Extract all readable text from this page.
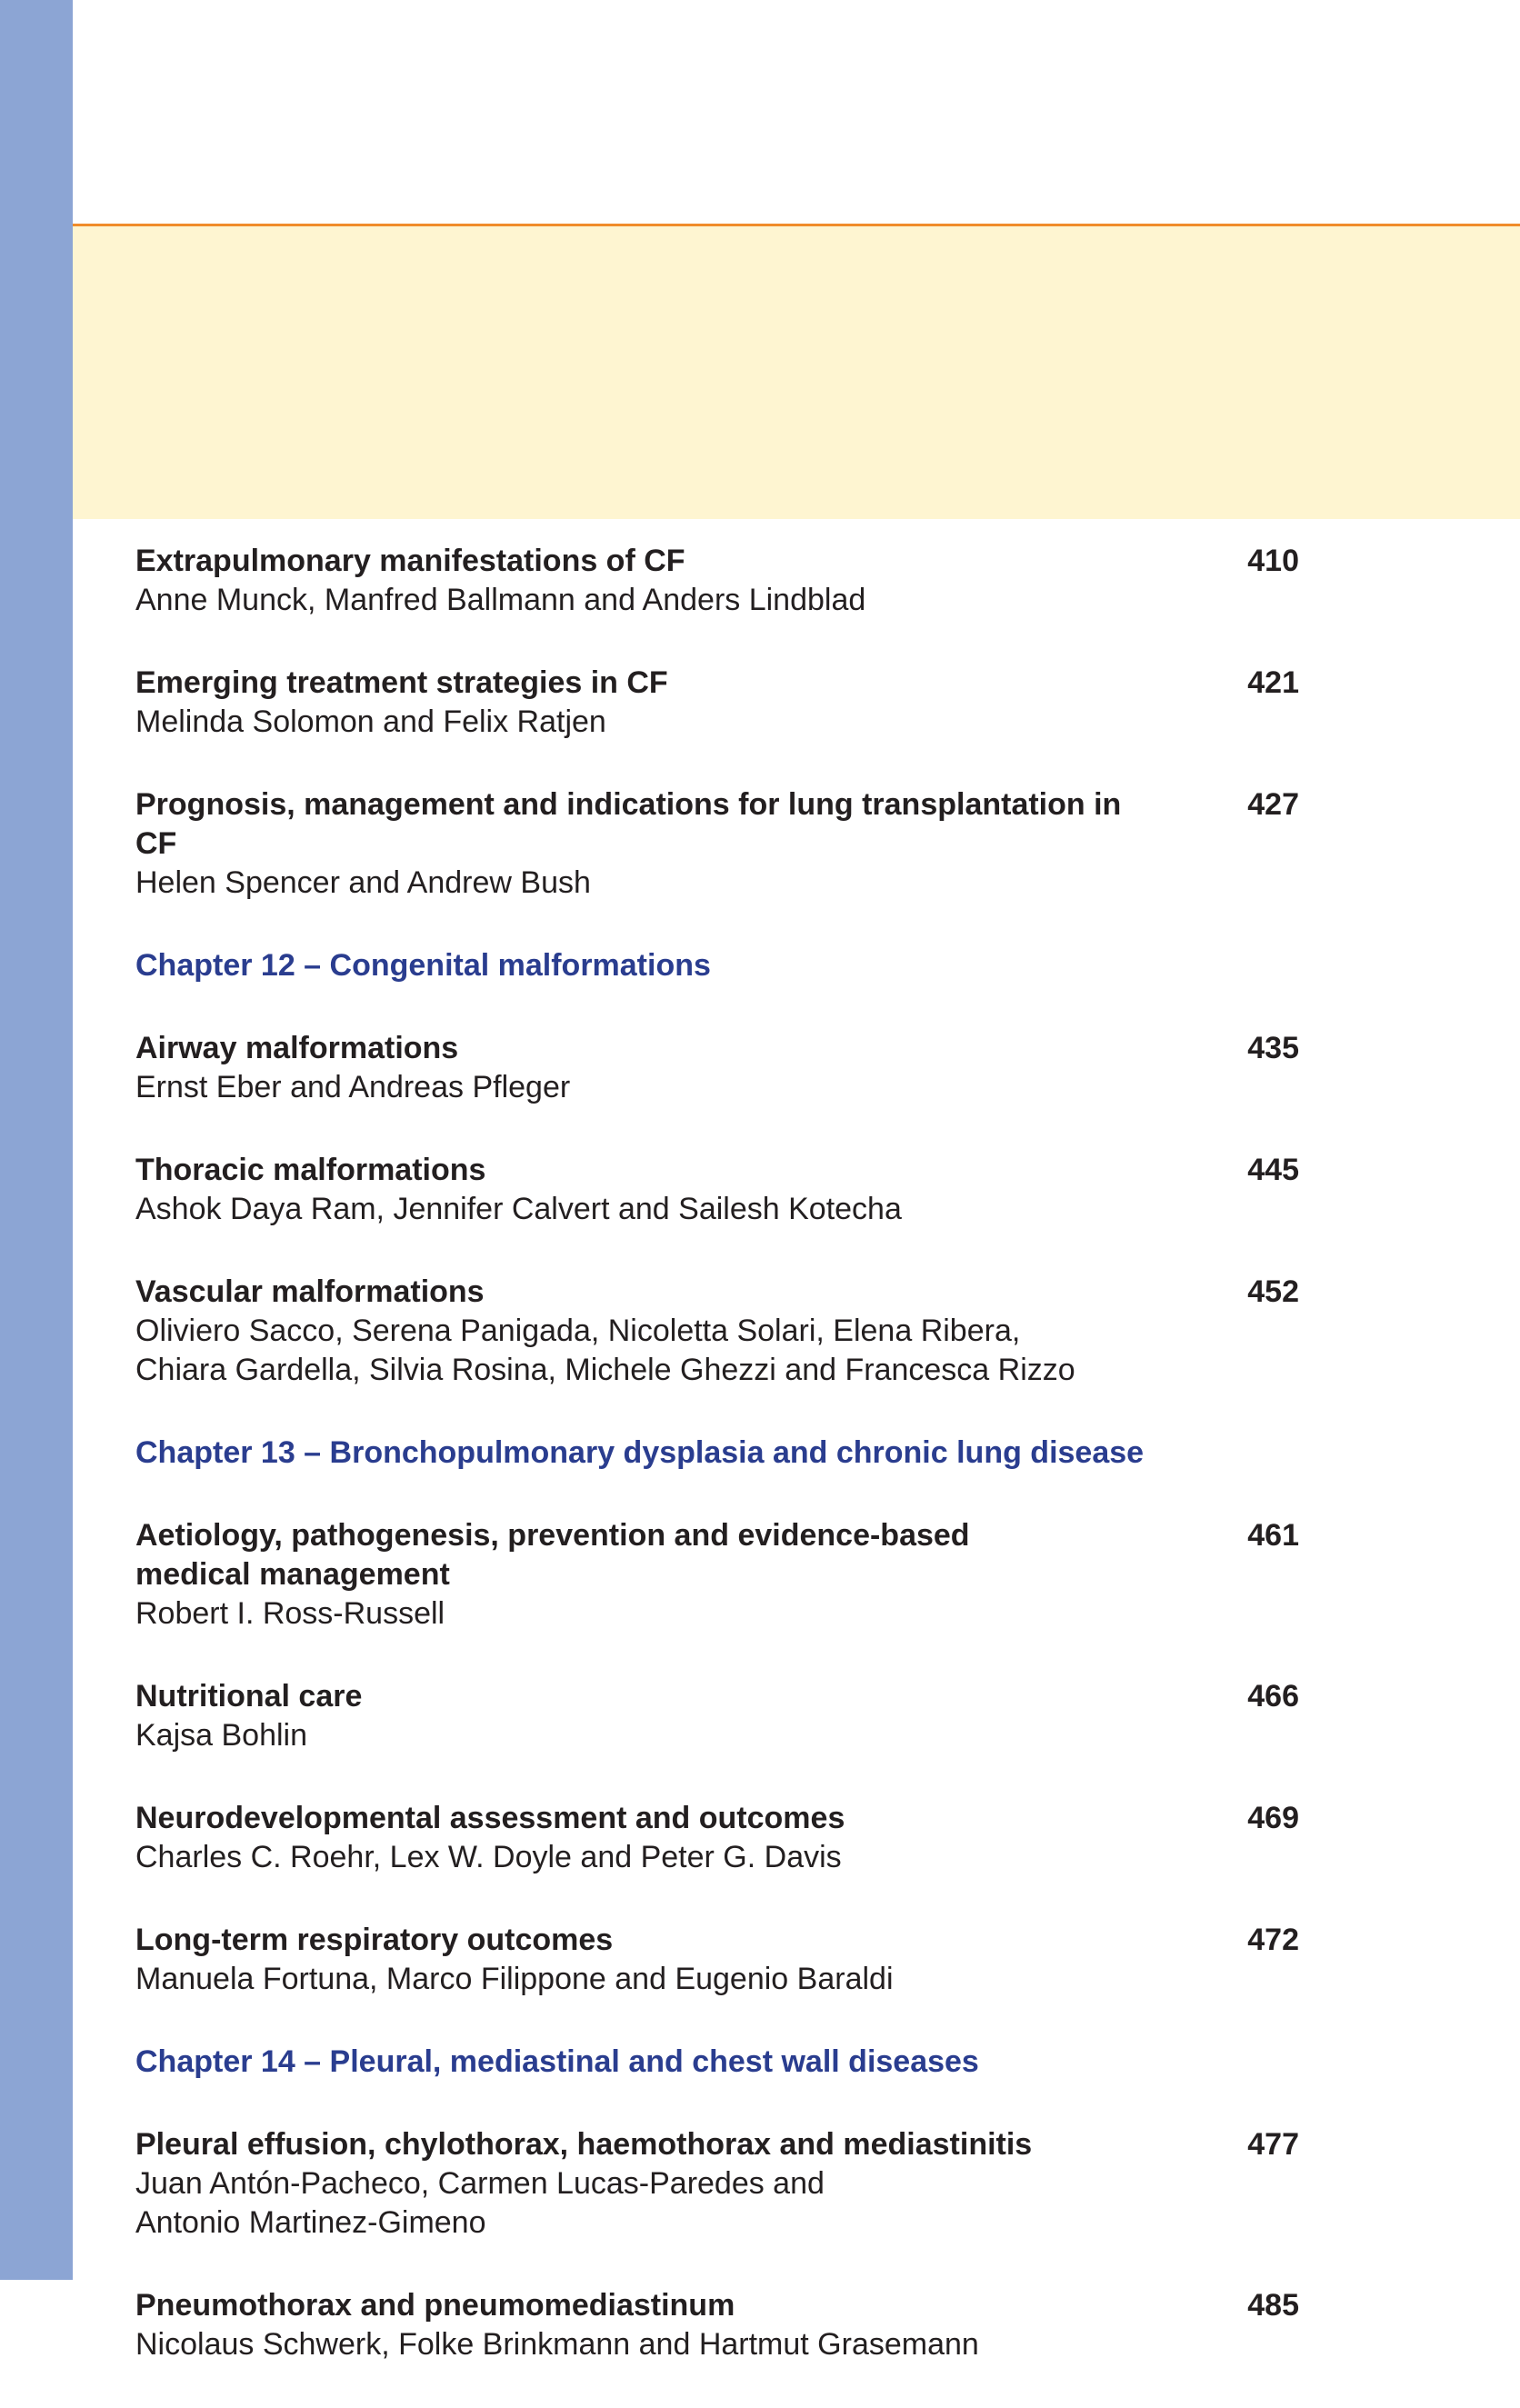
Extrapulmonary manifestations of CF
Anne Munck, Manfred Ballmann and Anders Lindblad
410
Emerging treatment strategies in CF
Melinda Solomon and Felix Ratjen
421
Prognosis, management and indications for lung transplantation in CF
Helen Spencer and Andrew Bush
427
Chapter 12 – Congenital malformations
Airway malformations
Ernst Eber and Andreas Pfleger
435
Thoracic malformations
Ashok Daya Ram, Jennifer Calvert and Sailesh Kotecha
445
Vascular malformations
Oliviero Sacco, Serena Panigada, Nicoletta Solari, Elena Ribera,
Chiara Gardella, Silvia Rosina, Michele Ghezzi and Francesca Rizzo
452
Chapter 13 – Bronchopulmonary dysplasia and chronic lung disease
Aetiology, pathogenesis, prevention and evidence-based
medical management
Robert I. Ross-Russell
461
Nutritional care
Kajsa Bohlin
466
Neurodevelopmental assessment and outcomes
Charles C. Roehr, Lex W. Doyle and Peter G. Davis
469
Long-term respiratory outcomes
Manuela Fortuna, Marco Filippone and Eugenio Baraldi
472
Chapter 14 – Pleural, mediastinal and chest wall diseases
Pleural effusion, chylothorax, haemothorax and mediastinitis
Juan Antón-Pacheco, Carmen Lucas-Paredes and
Antonio Martinez-Gimeno
477
Pneumothorax and pneumomediastinum
Nicolaus Schwerk, Folke Brinkmann and Hartmut Grasemann
485
